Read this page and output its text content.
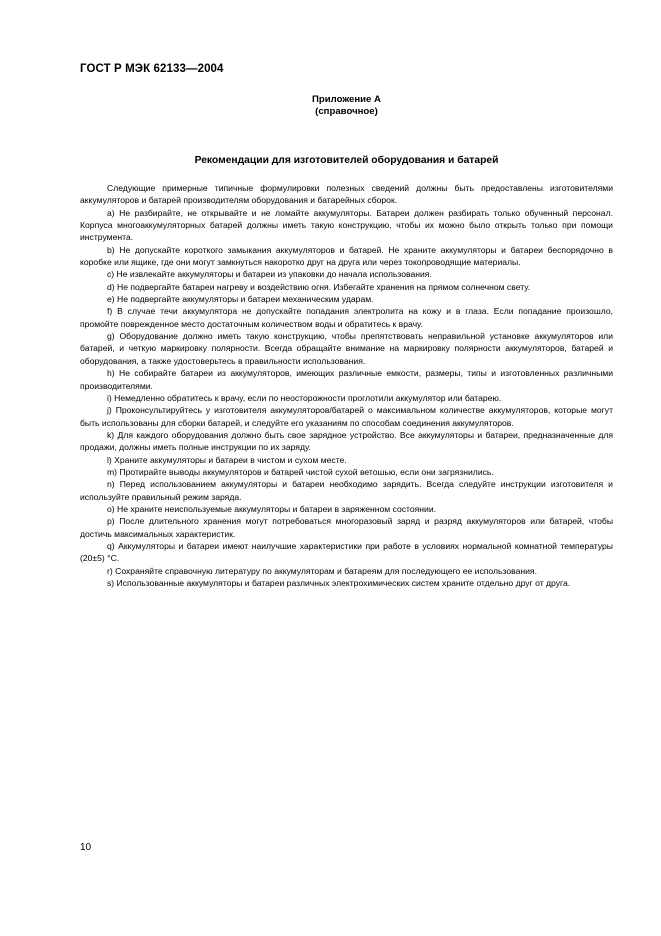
ГОСТ Р МЭК 62133—2004
Приложение А
(справочное)
Рекомендации для изготовителей оборудования и батарей

Следующие примерные типичные формулировки полезных сведений должны быть предоставлены изготовителями аккумуляторов и батарей производителям оборудования и батарейных сборок.

a) Не разбирайте, не открывайте и не ломайте аккумуляторы. Батареи должен разбирать только обученный персонал. Корпуса многоаккумуляторных батарей должны иметь такую конструкцию, чтобы их можно было открыть только при помощи инструмента.

b) Не допускайте короткого замыкания аккумуляторов и батарей. Не храните аккумуляторы и батареи беспорядочно в коробке или ящике, где они могут замкнуться накоротко друг на друга или через токопроводящие материалы.

c) Не извлекайте аккумуляторы и батареи из упаковки до начала использования.

d) Не подвергайте батареи нагреву и воздействию огня. Избегайте хранения на прямом солнечном свету.

e) Не подвергайте аккумуляторы и батареи механическим ударам.

f) В случае течи аккумулятора не допускайте попадания электролита на кожу и в глаза. Если попадание произошло, промойте поврежденное место достаточным количеством воды и обратитесь к врачу.

g) Оборудование должно иметь такую конструкцию, чтобы препятствовать неправильной установке аккумуляторов или батарей, и четкую маркировку полярности. Всегда обращайте внимание на маркировку полярности аккумуляторов, батарей и оборудования, а также удостоверьтесь в правильности использования.

h) Не собирайте батареи из аккумуляторов, имеющих различные емкости, размеры, типы и изготовленных различными производителями.

i) Немедленно обратитесь к врачу, если по неосторожности проглотили аккумулятор или батарею.

j) Проконсультируйтесь у изготовителя аккумуляторов/батарей о максимальном количестве аккумуляторов, которые могут быть использованы для сборки батарей, и следуйте его указаниям по способам соединения аккумуляторов.

k) Для каждого оборудования должно быть свое зарядное устройство. Все аккумуляторы и батареи, предназначенные для продажи, должны иметь полные инструкции по их заряду.

l) Храните аккумуляторы и батареи в чистом и сухом месте.

m) Протирайте выводы аккумуляторов и батарей чистой сухой ветошью, если они загрязнились.

n) Перед использованием аккумуляторы и батареи необходимо зарядить. Всегда следуйте инструкции изготовителя и используйте правильный режим заряда.

o) Не храните неиспользуемые аккумуляторы и батареи в заряженном состоянии.

p) После длительного хранения могут потребоваться многоразовый заряд и разряд аккумуляторов или батарей, чтобы достичь максимальных характеристик.

q) Аккумуляторы и батареи имеют наилучшие характеристики при работе в условиях нормальной комнатной температуры (20±5) °С.

r) Сохраняйте справочную литературу по аккумуляторам и батареям для последующего ее использования.

s) Использованные аккумуляторы и батареи различных электрохимических систем храните отдельно друг от друга.

10
